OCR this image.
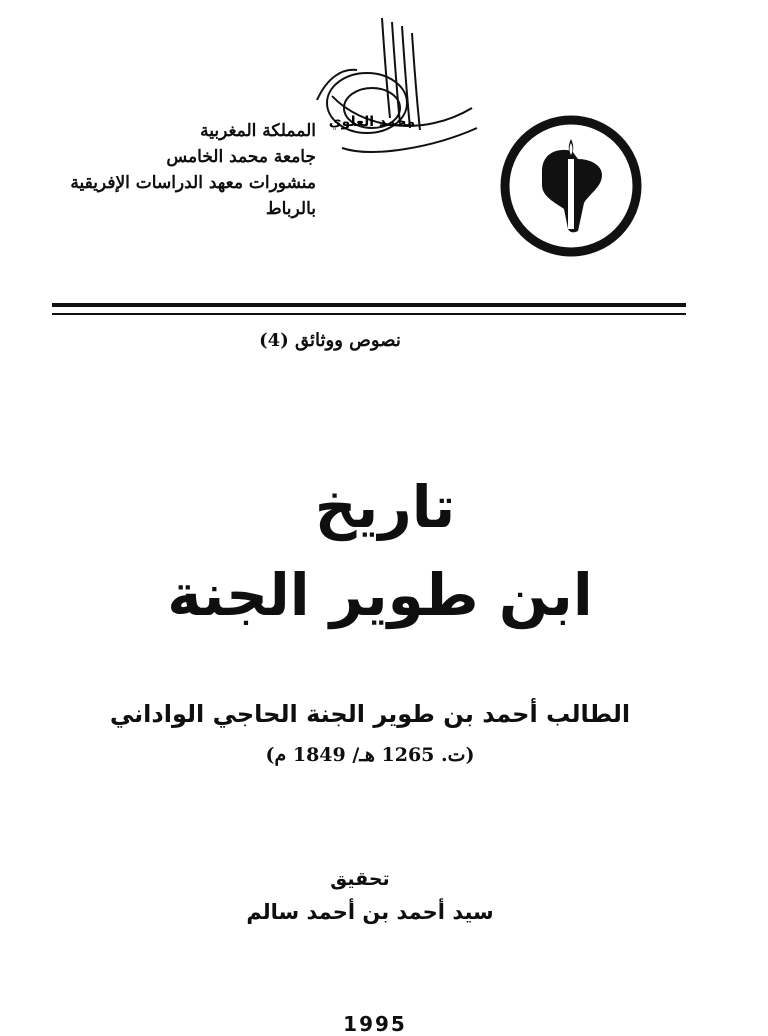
محمد العلوي
المملكة المغربية
جامعة محمد الخامس
منشورات معهد الدراسات الإفريقية
بالرباط
نصوص ووثائق (4)
تاريخ
ابن طوير الجنة
الطالب أحمد بن طوير الجنة الحاجي الواداني
(ت. 1265 هـ/ 1849 م)
تحقيق
سيد أحمد بن أحمد سالم
1995
